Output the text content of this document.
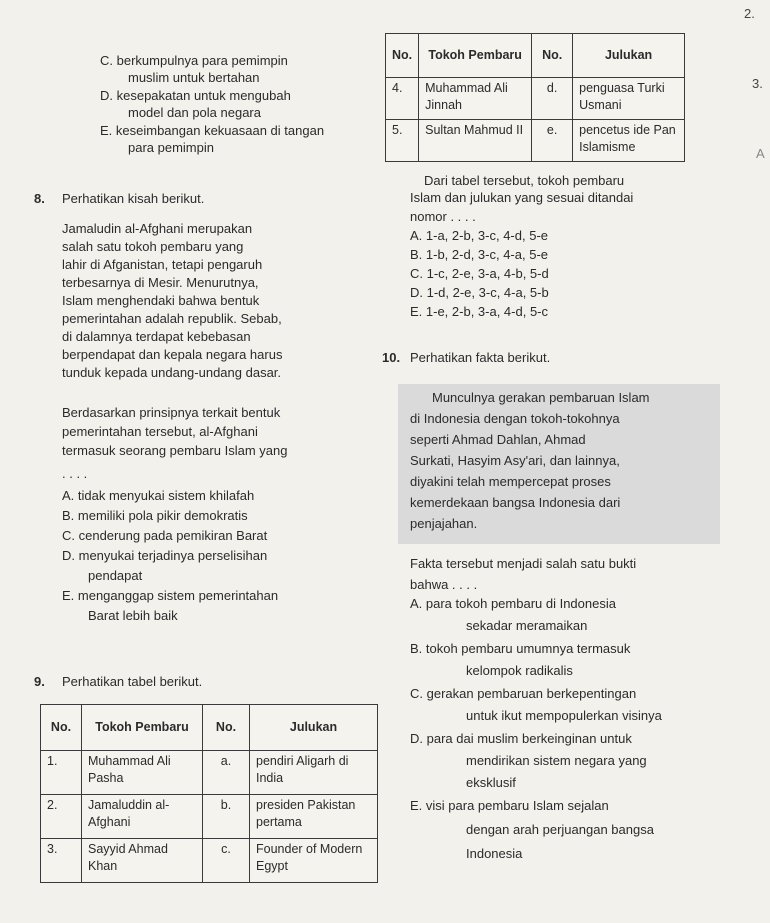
2.
3.
A
C. berkumpulnya para pemimpin
muslim untuk bertahan
D. kesepakatan untuk mengubah
model dan pola negara
E. keseimbangan kekuasaan di tangan
para pemimpin
No.	Tokoh Pembaru	No.	Julukan
4.	Muhammad Ali Jinnah	d.	penguasa Turki Usmani
5.	Sultan Mahmud II	e.	pencetus ide Pan Islamisme
Dari tabel tersebut, tokoh pembaru
Islam dan julukan yang sesuai ditandai
nomor . . . .
A. 1-a, 2-b, 3-c, 4-d, 5-e
B. 1-b, 2-d, 3-c, 4-a, 5-e
C. 1-c, 2-e, 3-a, 4-b, 5-d
D. 1-d, 2-e, 3-c, 4-a, 5-b
E. 1-e, 2-b, 3-a, 4-d, 5-c
8. Perhatikan kisah berikut.
Jamaludin al-Afghani merupakan
salah satu tokoh pembaru yang
lahir di Afganistan, tetapi pengaruh
terbesarnya di Mesir. Menurutnya,
Islam menghendaki bahwa bentuk
pemerintahan adalah republik. Sebab,
di dalamnya terdapat kebebasan
berpendapat dan kepala negara harus
tunduk kepada undang-undang dasar.
Berdasarkan prinsipnya terkait bentuk
pemerintahan tersebut, al-Afghani
termasuk seorang pembaru Islam yang
. . . .
A. tidak menyukai sistem khilafah
B. memiliki pola pikir demokratis
C. cenderung pada pemikiran Barat
D. menyukai terjadinya perselisihan
pendapat
E. menganggap sistem pemerintahan
Barat lebih baik
9. Perhatikan tabel berikut.
No.	Tokoh Pembaru	No.	Julukan
1.	Muhammad Ali Pasha	a.	pendiri Aligarh di India
2.	Jamaluddin al-Afghani	b.	presiden Pakistan pertama
3.	Sayyid Ahmad Khan	c.	Founder of Modern Egypt
10. Perhatikan fakta berikut.
Munculnya gerakan pembaruan Islam
di Indonesia dengan tokoh-tokohnya
seperti Ahmad Dahlan, Ahmad
Surkati, Hasyim Asy'ari, dan lainnya,
diyakini telah mempercepat proses
kemerdekaan bangsa Indonesia dari
penjajahan.
Fakta tersebut menjadi salah satu bukti
bahwa . . . .
A. para tokoh pembaru di Indonesia
sekadar meramaikan
B. tokoh pembaru umumnya termasuk
kelompok radikalis
C. gerakan pembaruan berkepentingan
untuk ikut mempopulerkan visinya
D. para dai muslim berkeinginan untuk
mendirikan sistem negara yang
eksklusif
E. visi para pembaru Islam sejalan
dengan arah perjuangan bangsa
Indonesia
